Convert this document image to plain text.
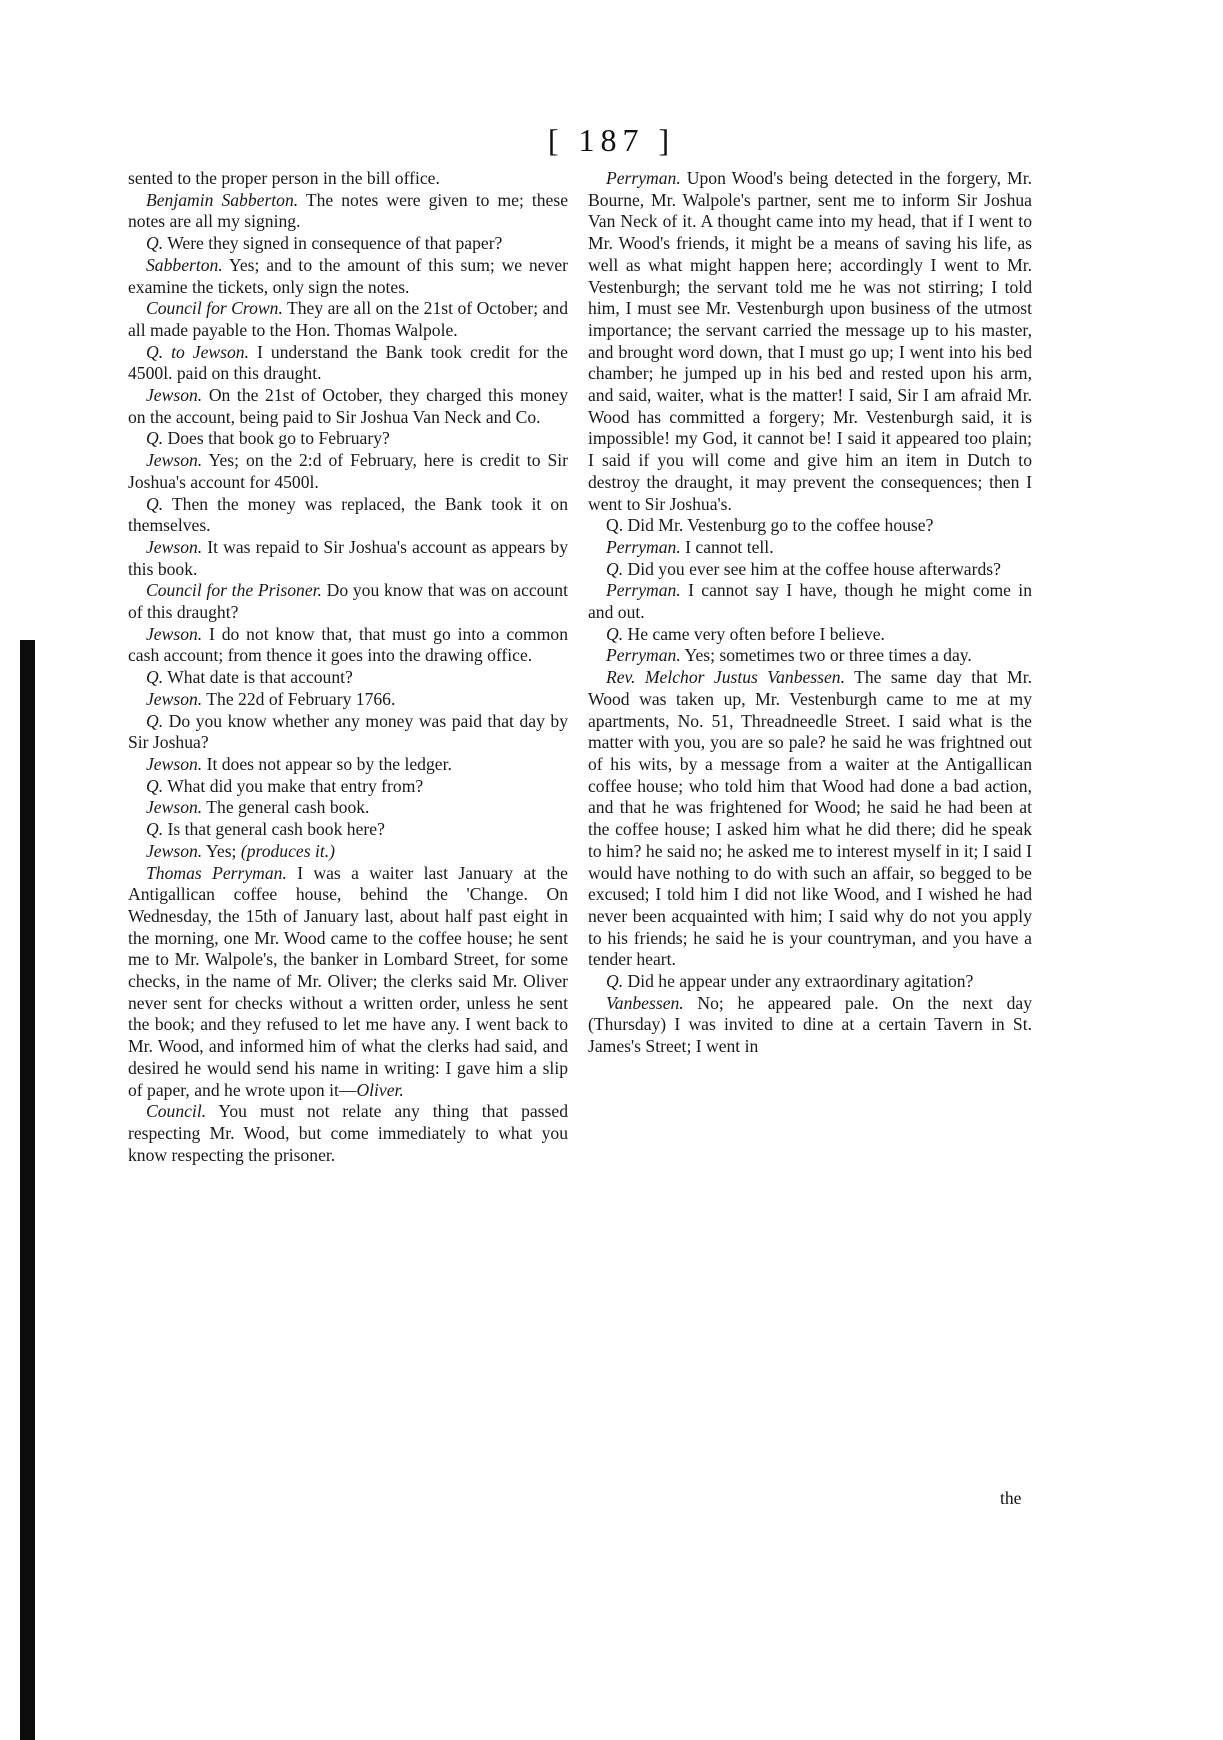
[ 187 ]

sented to the proper person in the bill office.

Benjamin Sabberton. The notes were given to me; these notes are all my signing.

Q. Were they signed in consequence of that paper?

Sabberton. Yes; and to the amount of this sum; we never examine the tickets, only sign the notes.

Council for Crown. They are all on the 21st of October; and all made payable to the Hon. Thomas Walpole.

Q. to Jewson. I understand the Bank took credit for the 4500l. paid on this draught.

Jewson. On the 21st of October, they charged this money on the account, being paid to Sir Joshua Van Neck and Co.

Q. Does that book go to February?

Jewson. Yes; on the 2:d of February, here is credit to Sir Joshua's account for 4500l.

Q. Then the money was replaced, the Bank took it on themselves.

Jewson. It was repaid to Sir Joshua's account as appears by this book.

Council for the Prisoner. Do you know that was on account of this draught?

Jewson. I do not know that, that must go into a common cash account; from thence it goes into the drawing office.

Q. What date is that account?

Jewson. The 22d of February 1766.

Q. Do you know whether any money was paid that day by Sir Joshua?

Jewson. It does not appear so by the ledger.

Q. What did you make that entry from?

Jewson. The general cash book.

Q. Is that general cash book here?

Jewson. Yes; (produces it.)

Thomas Perryman. I was a waiter last January at the Antigallican coffee house, behind the 'Change. On Wednesday, the 15th of January last, about half past eight in the morning, one Mr. Wood came to the coffee house; he sent me to Mr. Walpole's, the banker in Lombard Street, for some checks, in the name of Mr. Oliver; the clerks said Mr. Oliver never sent for checks without a written order, unless he sent the book; and they refused to let me have any. I went back to Mr. Wood, and informed him of what the clerks had said, and desired he would send his name in writing: I gave him a slip of paper, and he wrote upon it—Oliver.

Council. You must not relate any thing that passed respecting Mr. Wood, but come immediately to what you know respecting the prisoner.

Perryman. Upon Wood's being detected in the forgery, Mr. Bourne, Mr. Walpole's partner, sent me to inform Sir Joshua Van Neck of it. A thought came into my head, that if I went to Mr. Wood's friends, it might be a means of saving his life, as well as what might happen here; accordingly I went to Mr. Vestenburgh; the servant told me he was not stirring; I told him, I must see Mr. Vestenburgh upon business of the utmost importance; the servant carried the message up to his master, and brought word down, that I must go up; I went into his bed chamber; he jumped up in his bed and rested upon his arm, and said, waiter, what is the matter! I said, Sir I am afraid Mr. Wood has committed a forgery; Mr. Vestenburgh said, it is impossible! my God, it cannot be! I said it appeared too plain; I said if you will come and give him an item in Dutch to destroy the draught, it may prevent the consequences; then I went to Sir Joshua's.

Q. Did Mr. Vestenburg go to the coffee house?

Perryman. I cannot tell.

Q. Did you ever see him at the coffee house afterwards?

Perryman. I cannot say I have, though he might come in and out.

Q. He came very often before I believe.

Perryman. Yes; sometimes two or three times a day.

Rev. Melchor Justus Vanbessen. The same day that Mr. Wood was taken up, Mr. Vestenburgh came to me at my apartments, No. 51, Threadneedle Street. I said what is the matter with you, you are so pale? he said he was frightned out of his wits, by a message from a waiter at the Antigallican coffee house; who told him that Wood had done a bad action, and that he was frightened for Wood; he said he had been at the coffee house; I asked him what he did there; did he speak to him? he said no; he asked me to interest myself in it; I said I would have nothing to do with such an affair, so begged to be excused; I told him I did not like Wood, and I wished he had never been acquainted with him; I said why do not you apply to his friends; he said he is your countryman, and you have a tender heart.

Q. Did he appear under any extraordinary agitation?

Vanbessen. No; he appeared pale. On the next day (Thursday) I was invited to dine at a certain Tavern in St. James's Street; I went in

the
